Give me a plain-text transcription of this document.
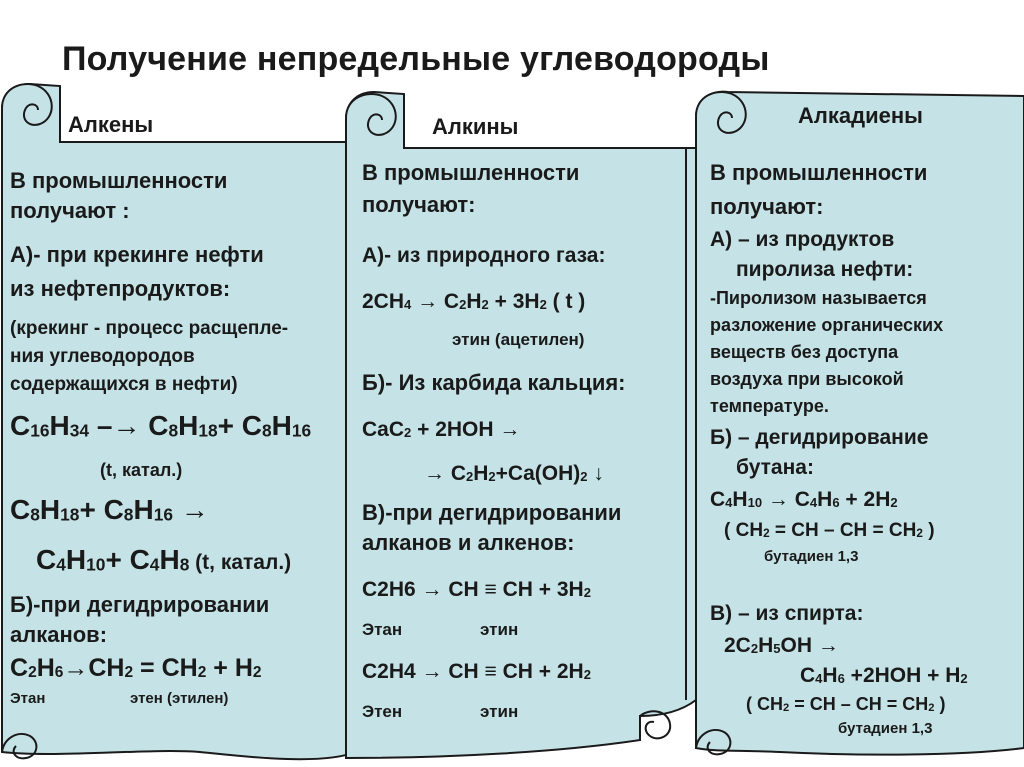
Получение непредельные углеводороды
Алкены
В промышленности
получают :
А)- при крекинге нефти
из нефтепродуктов:
(крекинг - процесс расщепле-
ния углеводородов
содержащихся в нефти)
$C_{16}H_{34} -\to C_8H_{18}+ C_8H_{16}$
(t, катал.)
$C_8H_{18}+ C_8H_{16}$ →
$C_4H_{10}+ C_4H_8$ (t, катал.)
Б)-при дегидрировании
алканов:
$C_2H_6\to CH_2 = CH_2 + H_2$
Этан	этен (этилен)
Алкины
В промышленности
получают:
А)- из природного газа:
$2CH_4 \to C_2H_2 + 3H_2$ ( t )
этин (ацетилен)
Б)- Из карбида кальция:
CaC$_2$ + 2HOH →
→ $C_2H_2+Ca(OH)_2$ ↓
В)-при дегидрировании
алканов и алкенов:
C2H6 → CH ≡ CH + $3H_2$
Этан	этин
C2H4 → CH ≡ CH + $2H_2$
Этен	этин
Алкадиены
В промышленности
получают:
А) – из продуктов
пиролиза нефти:
-Пиролизом называется
разложение органических
веществ без доступа
воздуха при высокой
температуре.
Б) – дегидрирование
бутана:
$C_4H_{10} \to C_4H_6 + 2H_2$
( $CH_2$ = CH – CH = $CH_2$ )
бутадиен 1,3
В) – из спирта:
$2C_2H_5OH$ →
$C_4H_6 +2HOH + H_2$
( $CH_2$ = CH – CH = $CH_2$ )
бутадиен 1,3
